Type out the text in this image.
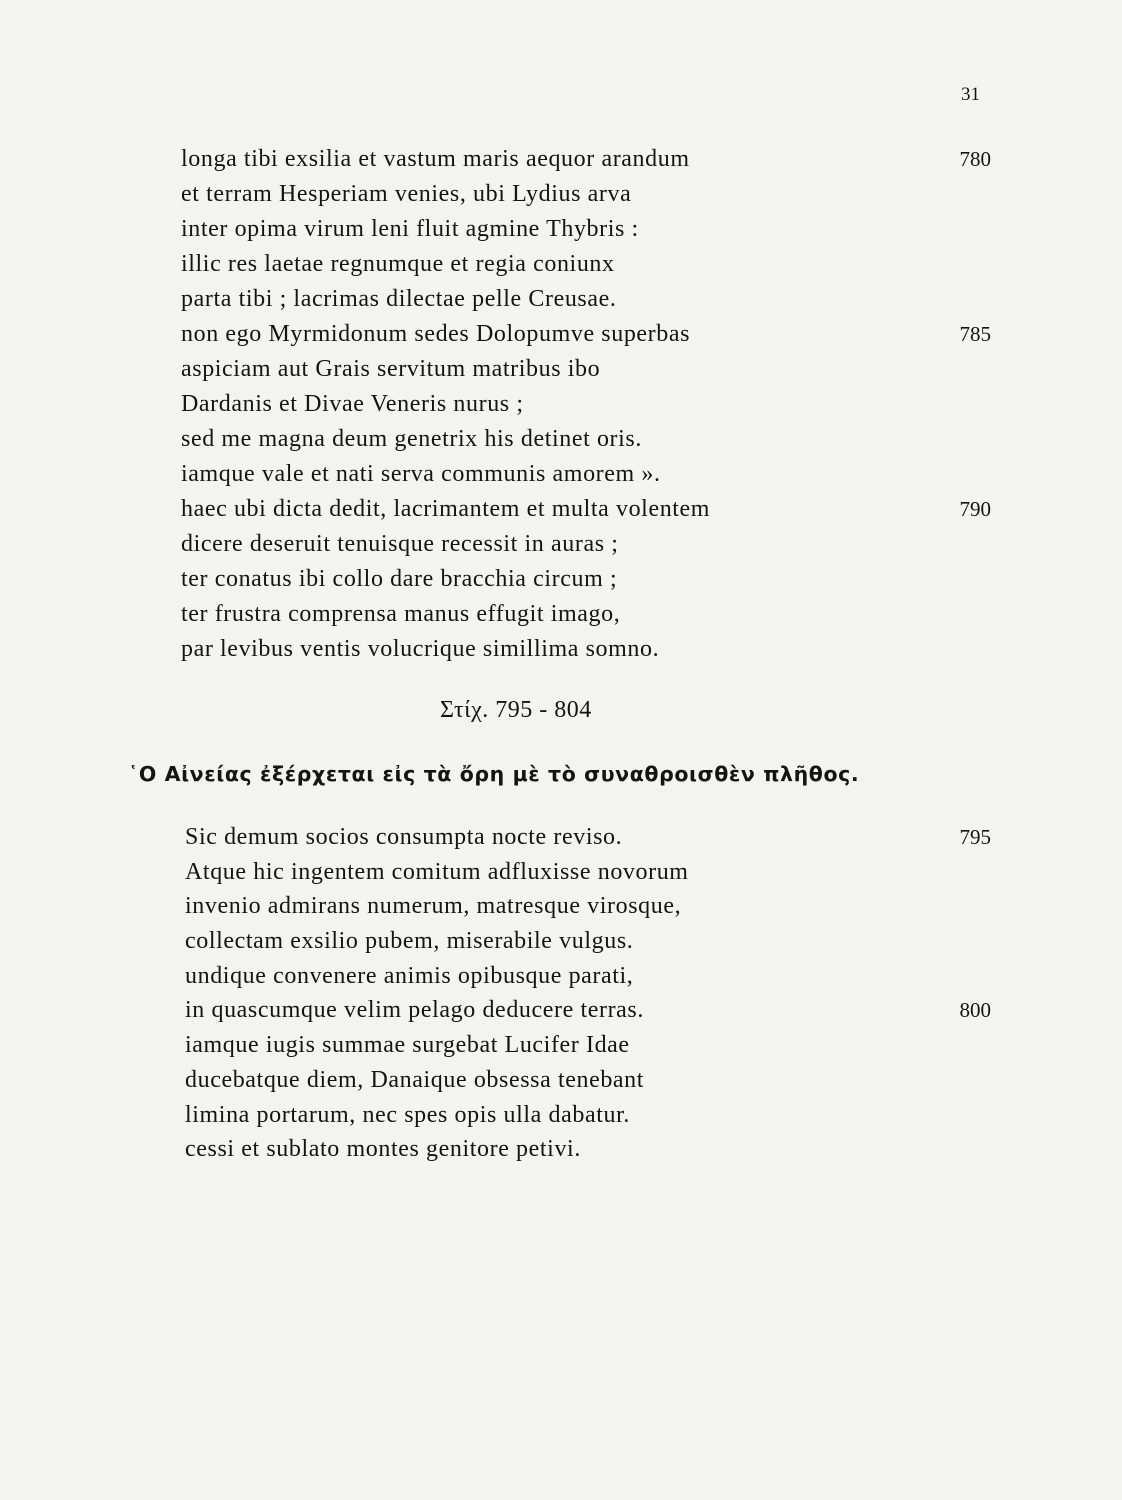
31
longa tibi exsilia et vastum maris aequor arandum	780
et terram Hesperiam venies, ubi Lydius arva
inter opima virum leni fluit agmine Thybris :
illic res laetae regnumque et regia coniunx
parta tibi ; lacrimas dilectae pelle Creusae.
non ego Myrmidonum sedes Dolopumve superbas	785
aspiciam aut Grais servitum matribus ibo
Dardanis et Divae Veneris nurus ;
sed me magna deum genetrix his detinet oris.
iamque vale et nati serva communis amorem ».
haec ubi dicta dedit, lacrimantem et multa volentem	790
dicere deseruit tenuisque recessit in auras ;
ter conatus ibi collo dare bracchia circum ;
ter frustra comprensa manus effugit imago,
par levibus ventis volucrique simillima somno.
Στίχ. 795 - 804
῾Ο Αἰνείας ἐξέρχεται εἰς τὰ ὄρη μὲ τὸ συναθροισθὲν πλῆθος.
Sic demum socios consumpta nocte reviso.	795
Atque hic ingentem comitum adfluxisse novorum
invenio admirans numerum, matresque virosque,
collectam exsilio pubem, miserabile vulgus.
undique convenere animis opibusque parati,
in quascumque velim pelago deducere terras.	800
iamque iugis summae surgebat Lucifer Idae
ducebatque diem, Danaique obsessa tenebant
limina portarum, nec spes opis ulla dabatur.
cessi et sublato montes genitore petivi.
